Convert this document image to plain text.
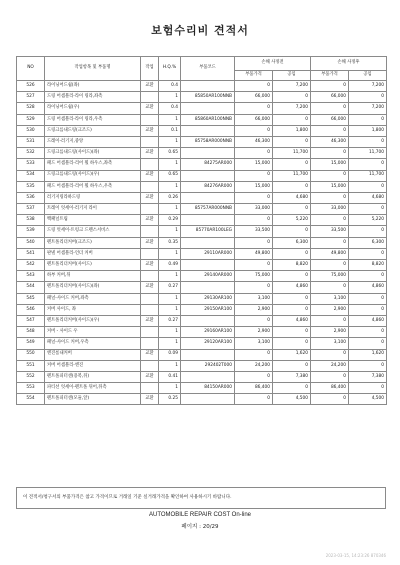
보험수리비 견적서
NO	작업항목 및 부품명	작업	H.Q.%	부품코드	손해 사정전		손해 사정후	
					부품가격	공임	부품가격	공임
526	라이닝어드쉽(좌)	교환	0.4		0	7,200	0	7,200
527	드링 어셈블리-라이 링라,좌측		1	85850AR100NNB	66,000	0	66,000	0
528	라이닝어드쉽(우)	교환	0.4		0	7,200	0	7,200
529	드링 어셈블리-라이 링라,우측		1	85860AR100NNB	66,000	0	66,000	0
530	드링크를내드링(크조드)	교환	0.1		0	1,800	0	1,800
531	드레이-러기지,중앙		1	85758AR000NNB	46,300	0	46,300	0
532	드링크를내드링(사이드)(좌)	교환	0.65		0	11,700	0	11,700
533	패드 어셈블리-리어 휠 하우스,좌측		1	84275AR000	15,000	0	15,000	0
534	드링크를내드링(사이드)(우)	교환	0.65		0	11,700	0	11,700
535	패드 어셈블리-리어 휠 하우스,우측		1	84276AR000	15,000	0	15,000	0
536	러기지링라하드링	교환	0.26		0	4,680	0	4,680
537	트레이 엇세이-러기지 라이		1	85757AR000NNB	33,000	0	33,000	0
538	백패널트림	교환	0.29		0	5,220	0	5,220
539	드링 엇세이-트렁크 드렌스서비스		1	85770AR100LEG	33,500	0	33,500	0
540	펜트폴리더커버(크조드)	교환	0.35		0	6,300	0	6,300
541	판넬 어셈블리-언더 커버		1	29110AR000	49,800	0	49,800	0
542	펜트폴리더커버(사이드)	교환	0.49		0	8,820	0	8,820
543	하부 커버,뒤		1	29140AR000	75,000	0	75,000	0
544	펜트폴리더커버(사이드)(좌)	교환	0.27		0	4,860	0	4,860
545	패널-사이드 커버,좌측		1	29130AR100	3,100	0	3,100	0
546	커버 사이드, 좌		1	29150AR100	2,900	0	2,900	0
547	펜트폴리더커버(사이드)(우)	교환	0.27		0	4,860	0	4,860
548	커버 - 사이드 우		1	29160AR100	2,900	0	2,900	0
549	패널-사이드 커버,우측		1	29120AR100	3,100	0	3,100	0
550	엔진룸내커버	교환	0.09		0	1,620	0	1,620
551	커버 어셈블리-엔진		1	292402T000	24,200	0	24,200	0
552	펜트폴피터센(용복,뒤)	교환	0.41		0	7,380	0	7,380
553	파티션 엇세이-펜트폴 뒤어,뒤측		1	84150AR000	86,400	0	86,400	0
554	펜트폴피터센(모듈,앞)	교환	0.25		0	4,500	0	4,500
이 견적서/청구서의 부품가격은 참고 가격이므로 거래일 기준 실거래가격을 확인하여 사용하시기 바랍니다.
AUTOMOBILE REPAIR COST On-line
페이지 : 20/29
2023-03-15, 14:23:26 870346
